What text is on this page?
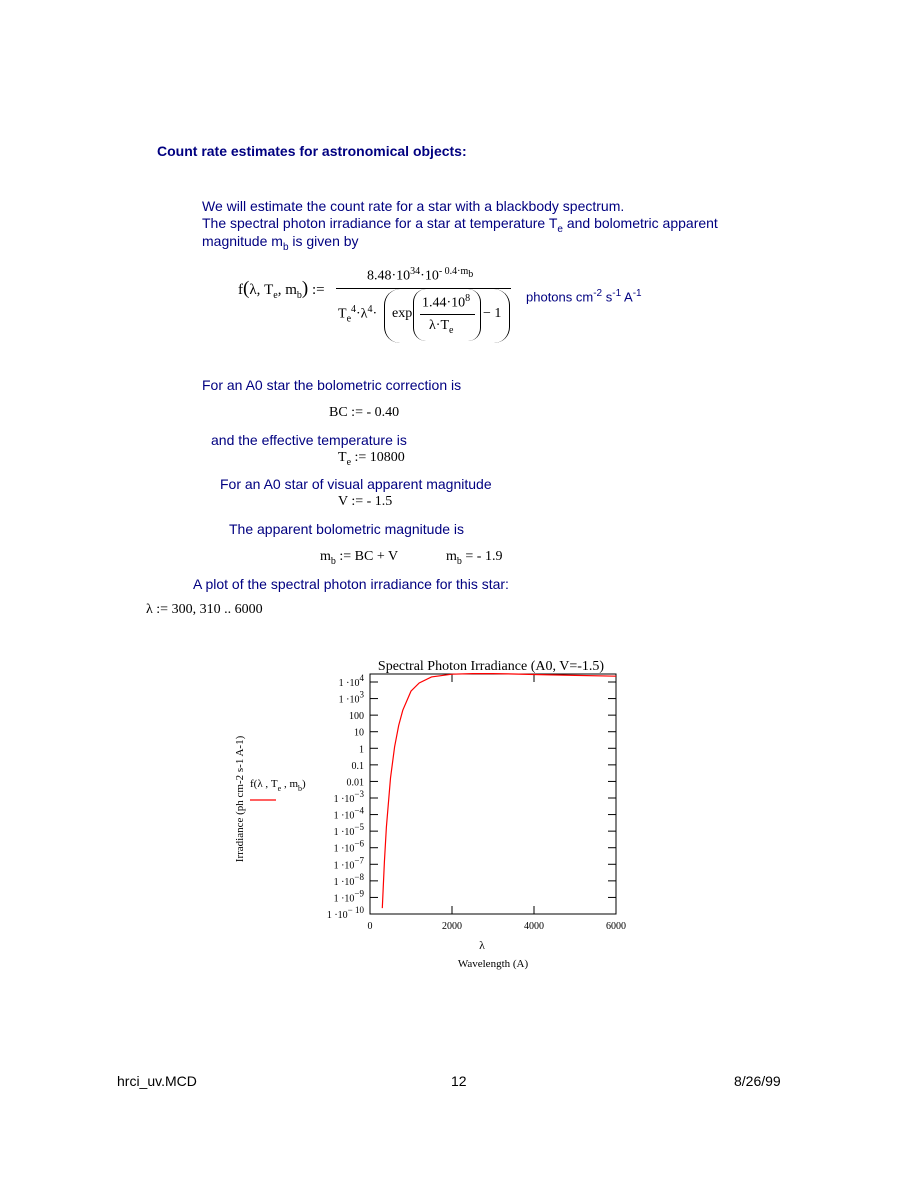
Count rate estimates for astronomical objects:
We will estimate the count rate for a star with a blackbody spectrum.
The spectral photon irradiance for a star at temperature $T_e$ and bolometric apparent
magnitude $m_b$ is given by
f(λ, $T_e$, $m_b$) :=
$8.48\cdot 10^{34}\cdot 10^{- 0.4\cdot m_b}$
$T_e^4\cdot\lambda^4\cdot \exp$
$1.44\cdot 10^8$
$\lambda\cdot T_e$
− 1
photons $cm^{-2}$ $s^{-1}$ $A^{-1}$
For an A0 star the bolometric correction is
BC := - 0.40
and the effective temperature is
$T_e$ := 10800
For an A0 star of visual apparent magnitude
V := - 1.5
The apparent bolometric magnitude is
$m_b$ := BC + V	$m_b$ = - 1.9
A plot of the spectral photon irradiance for this star:
λ := 300, 310 .. 6000
Spectral Photon Irradiance (A0, V=-1.5)
1 ·104
1 ·103
100
10
1
0.1
0.01
1 ·10−3
1 ·10−4
1 ·10−5
1 ·10−6
1 ·10−7
1 ·10−8
1 ·10−9
1 ·10− 10
0	2000	4000	6000
λ
Wavelength (A)
Irradiance (ph cm-2 s-1 A-1) f(λ , $T_e$ , $m_b$)
hrci_uv.MCD	12	8/26/99
